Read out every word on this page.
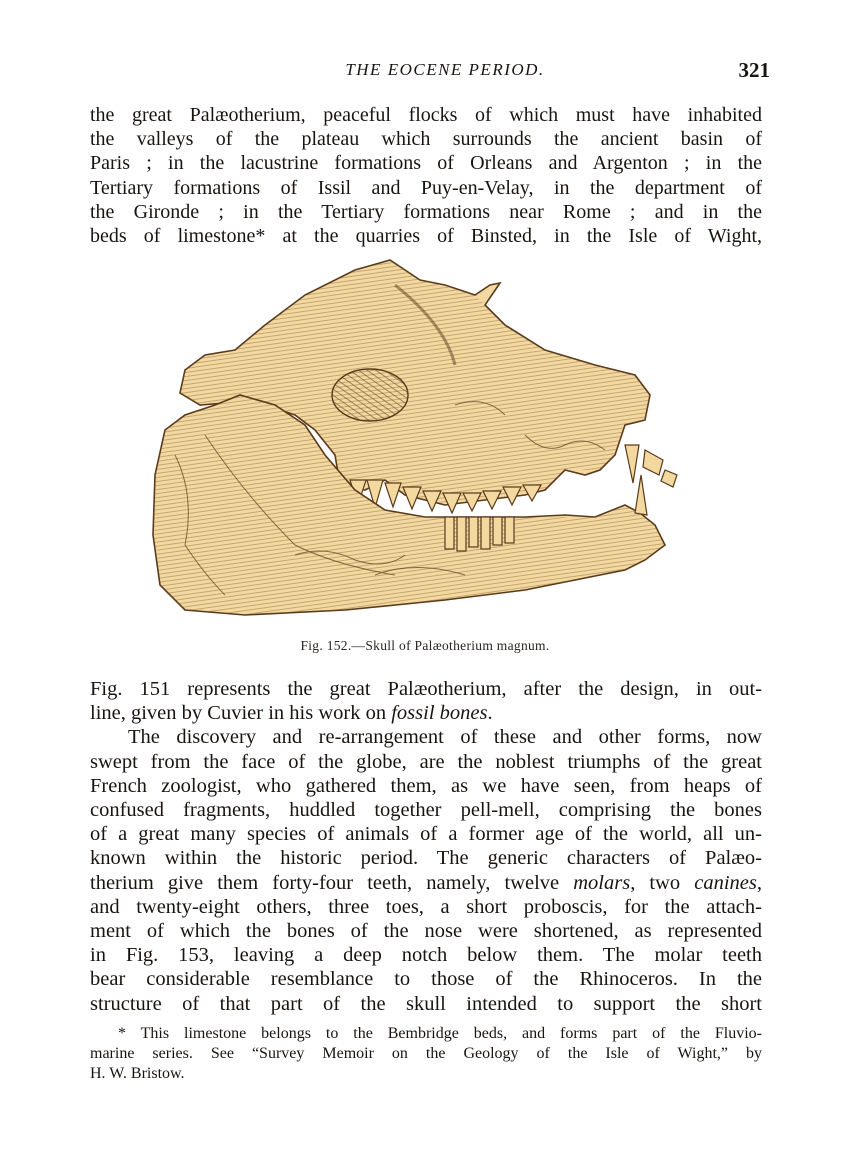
THE EOCENE PERIOD.	321
the great Palæotherium, peaceful flocks of which must have inhabited
the valleys of the plateau which surrounds the ancient basin of
Paris ; in the lacustrine formations of Orleans and Argenton ; in the
Tertiary formations of Issil and Puy-en-Velay, in the department of
the Gironde ; in the Tertiary formations near Rome ; and in the
beds of limestone* at the quarries of Binsted, in the Isle of Wight,
Fig. 152.—Skull of Palæotherium magnum.
Fig. 151 represents the great Palæotherium, after the design, in out-
line, given by Cuvier in his work on fossil bones.
The discovery and re-arrangement of these and other forms, now
swept from the face of the globe, are the noblest triumphs of the great
French zoologist, who gathered them, as we have seen, from heaps of
confused fragments, huddled together pell-mell, comprising the bones
of a great many species of animals of a former age of the world, all un-
known within the historic period. The generic characters of Palæo-
therium give them forty-four teeth, namely, twelve molars, two canines,
and twenty-eight others, three toes, a short proboscis, for the attach-
ment of which the bones of the nose were shortened, as represented
in Fig. 153, leaving a deep notch below them. The molar teeth
bear considerable resemblance to those of the Rhinoceros. In the
structure of that part of the skull intended to support the short
* This limestone belongs to the Bembridge beds, and forms part of the Fluvio-
marine series. See “Survey Memoir on the Geology of the Isle of Wight,” by
H. W. Bristow.
